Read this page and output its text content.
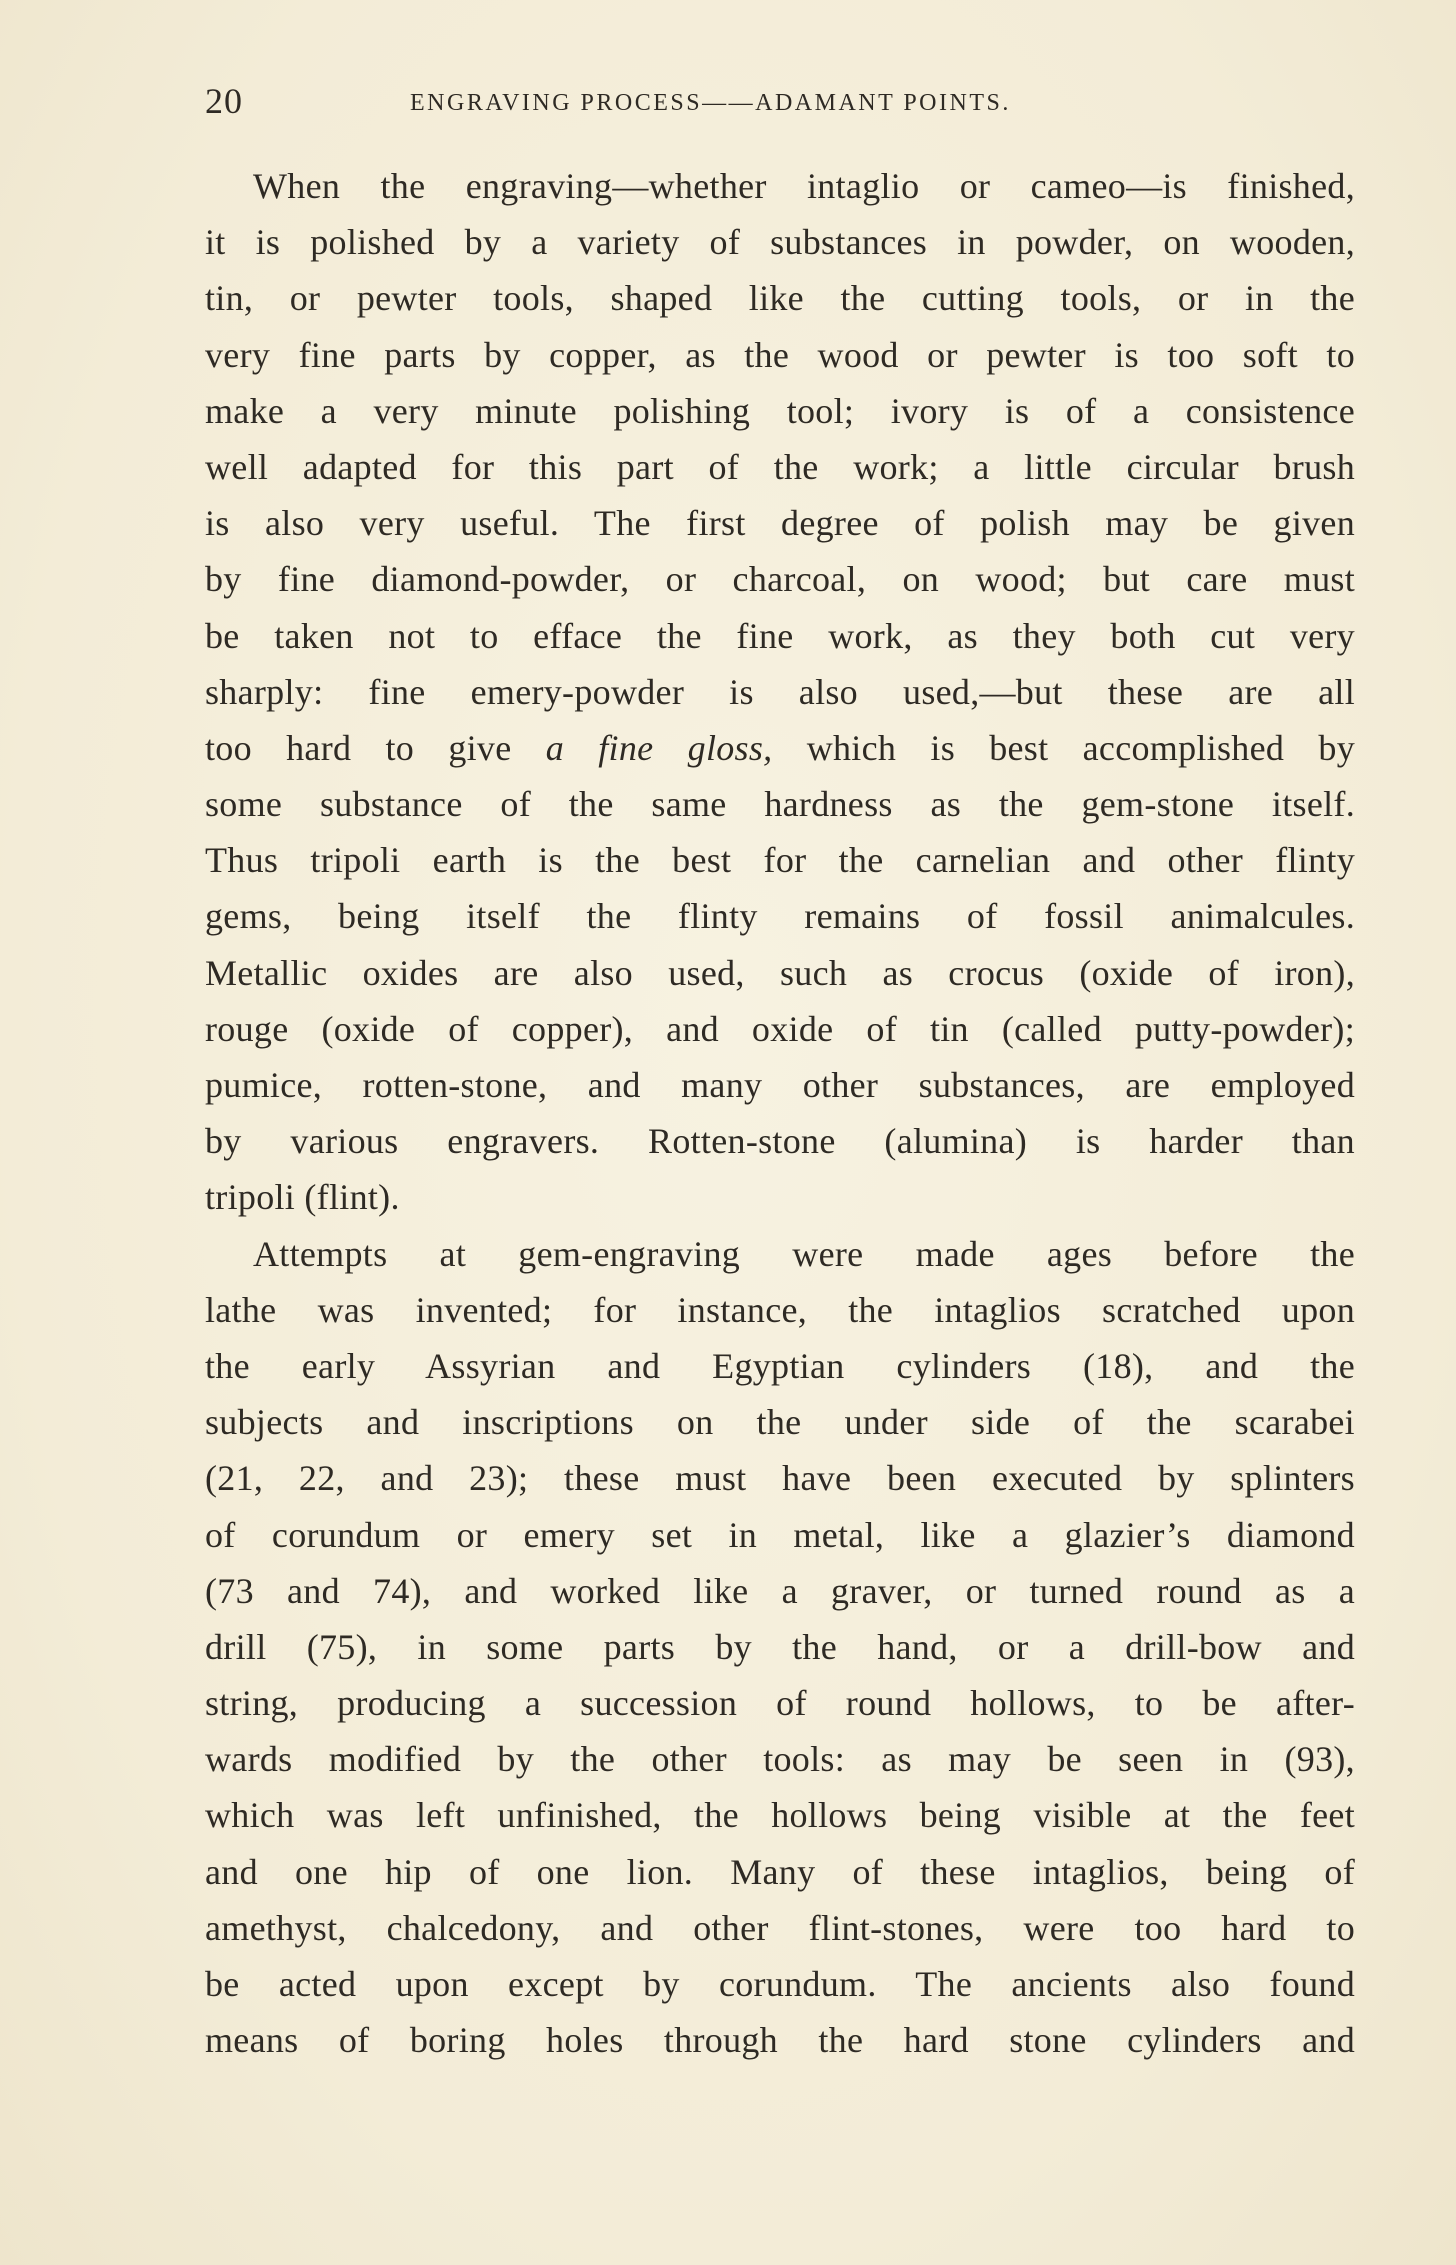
20	ENGRAVING PROCESS——ADAMANT POINTS.
When the engraving—whether intaglio or cameo—is finished,
it is polished by a variety of substances in powder, on wooden,
tin, or pewter tools, shaped like the cutting tools, or in the
very fine parts by copper, as the wood or pewter is too soft to
make a very minute polishing tool; ivory is of a consistence
well adapted for this part of the work; a little circular brush
is also very useful. The first degree of polish may be given
by fine diamond-powder, or charcoal, on wood; but care must
be taken not to efface the fine work, as they both cut very
sharply: fine emery-powder is also used,—but these are all
too hard to give a fine gloss, which is best accomplished by
some substance of the same hardness as the gem-stone itself.
Thus tripoli earth is the best for the carnelian and other flinty
gems, being itself the flinty remains of fossil animalcules.
Metallic oxides are also used, such as crocus (oxide of iron),
rouge (oxide of copper), and oxide of tin (called putty-powder);
pumice, rotten-stone, and many other substances, are employed
by various engravers. Rotten-stone (alumina) is harder than
tripoli (flint).
Attempts at gem-engraving were made ages before the
lathe was invented; for instance, the intaglios scratched upon
the early Assyrian and Egyptian cylinders (18), and the
subjects and inscriptions on the under side of the scarabei
(21, 22, and 23); these must have been executed by splinters
of corundum or emery set in metal, like a glazier’s diamond
(73 and 74), and worked like a graver, or turned round as a
drill (75), in some parts by the hand, or a drill-bow and
string, producing a succession of round hollows, to be after-
wards modified by the other tools: as may be seen in (93),
which was left unfinished, the hollows being visible at the feet
and one hip of one lion. Many of these intaglios, being of
amethyst, chalcedony, and other flint-stones, were too hard to
be acted upon except by corundum. The ancients also found
means of boring holes through the hard stone cylinders and
